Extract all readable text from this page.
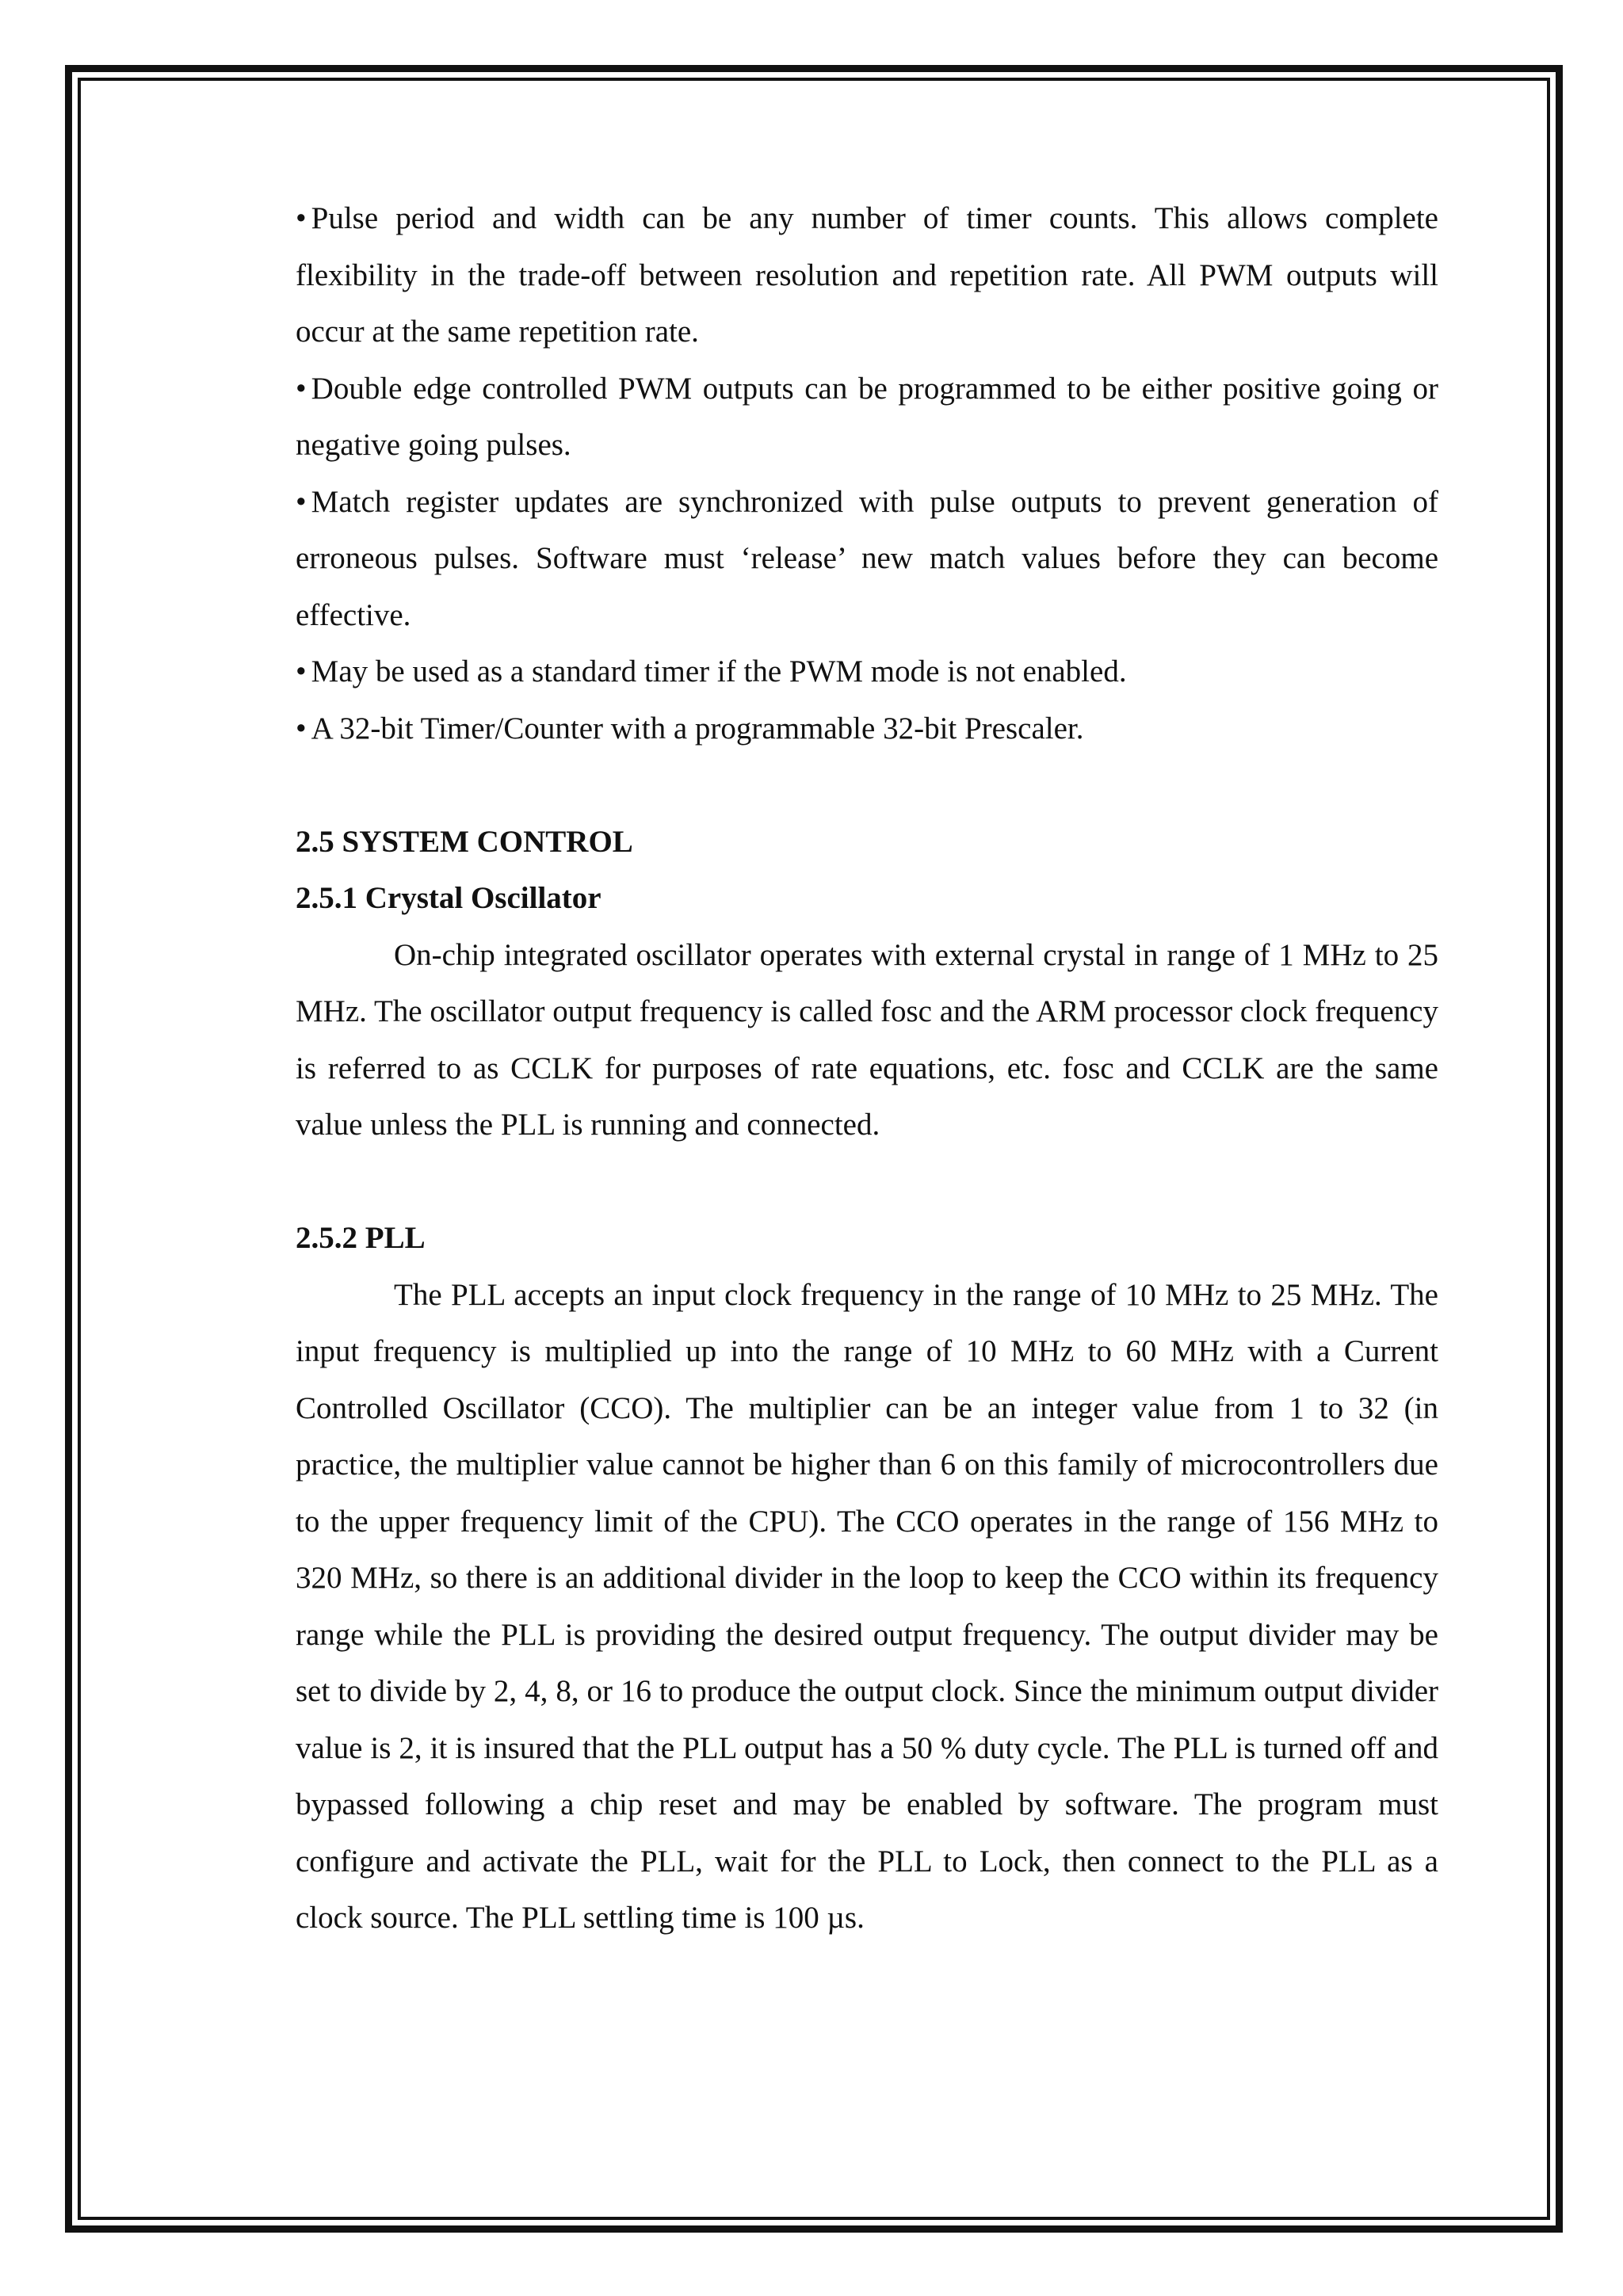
• Pulse period and width can be any number of timer counts. This allows complete flexibility in the trade-off between resolution and repetition rate. All PWM outputs will occur at the same repetition rate.

• Double edge controlled PWM outputs can be programmed to be either positive going or negative going pulses.

• Match register updates are synchronized with pulse outputs to prevent generation of erroneous pulses. Software must ‘release’ new match values before they can become effective.

• May be used as a standard timer if the PWM mode is not enabled.

• A 32-bit Timer/Counter with a programmable 32-bit Prescaler.

2.5 SYSTEM CONTROL

2.5.1 Crystal Oscillator

On-chip integrated oscillator operates with external crystal in range of 1 MHz to 25 MHz. The oscillator output frequency is called fosc and the ARM processor clock frequency is referred to as CCLK for purposes of rate equations, etc. fosc and CCLK are the same value unless the PLL is running and connected.

2.5.2 PLL

The PLL accepts an input clock frequency in the range of 10 MHz to 25 MHz. The input frequency is multiplied up into the range of 10 MHz to 60 MHz with a Current Controlled Oscillator (CCO). The multiplier can be an integer value from 1 to 32 (in practice, the multiplier value cannot be higher than 6 on this family of microcontrollers due to the upper frequency limit of the CPU). The CCO operates in the range of 156 MHz to 320 MHz, so there is an additional divider in the loop to keep the CCO within its frequency range while the PLL is providing the desired output frequency. The output divider may be set to divide by 2, 4, 8, or 16 to produce the output clock. Since the minimum output divider value is 2, it is insured that the PLL output has a 50 % duty cycle. The PLL is turned off and bypassed following a chip reset and may be enabled by software. The program must configure and activate the PLL, wait for the PLL to Lock, then connect to the PLL as a clock source. The PLL settling time is 100 µs.
